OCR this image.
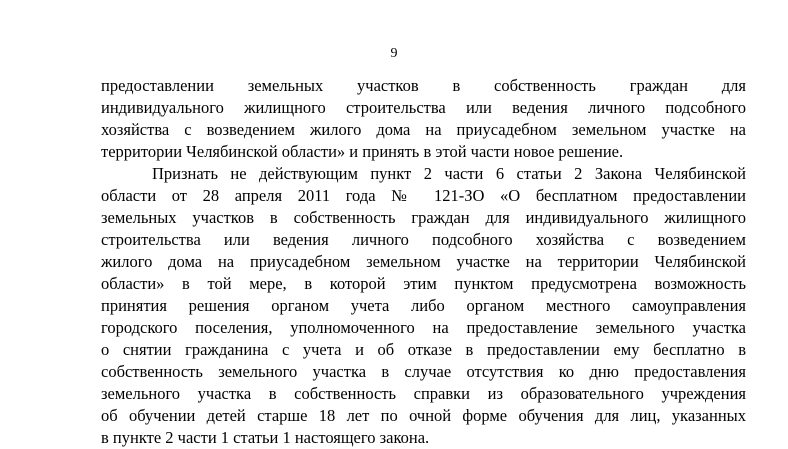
9
предоставлении земельных участков в собственность граждан для
индивидуального жилищного строительства или ведения личного подсобного
хозяйства с возведением жилого дома на приусадебном земельном участке на
территории Челябинской области» и принять в этой части новое решение.
Признать не действующим пункт 2 части 6 статьи 2 Закона Челябинской
области от 28 апреля 2011 года № 121-ЗО «О бесплатном предоставлении
земельных участков в собственность граждан для индивидуального жилищного
строительства или ведения личного подсобного хозяйства с возведением
жилого дома на приусадебном земельном участке на территории Челябинской
области» в той мере, в которой этим пунктом предусмотрена возможность
принятия решения органом учета либо органом местного самоуправления
городского поселения, уполномоченного на предоставление земельного участка
о снятии гражданина с учета и об отказе в предоставлении ему бесплатно в
собственность земельного участка в случае отсутствия ко дню предоставления
земельного участка в собственность справки из образовательного учреждения
об обучении детей старше 18 лет по очной форме обучения для лиц, указанных
в пункте 2 части 1 статьи 1 настоящего закона.
